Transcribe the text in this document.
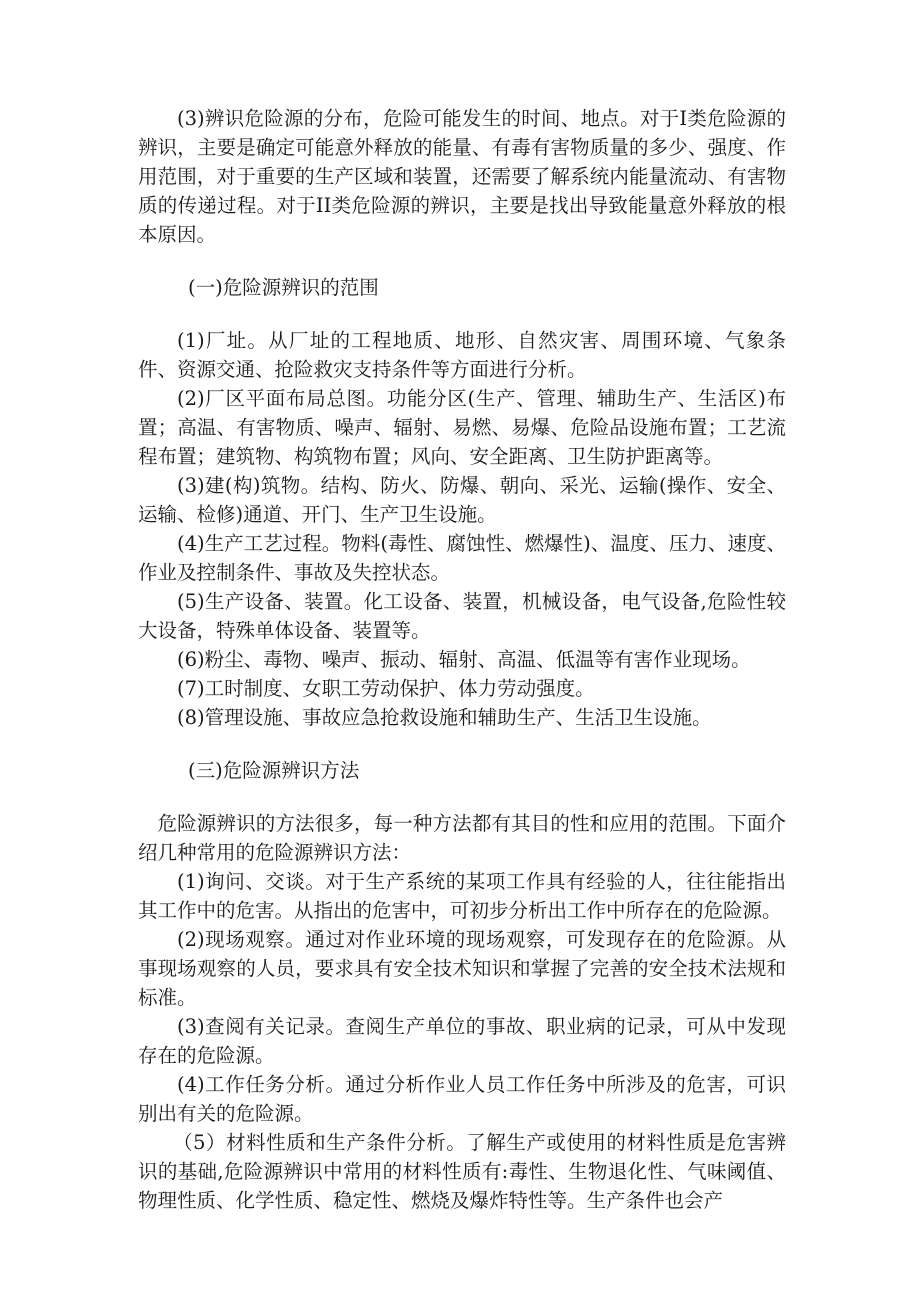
(3)辨识危险源的分布，危险可能发生的时间、地点。对于Ⅰ类危险源的辨识，主要是确定可能意外释放的能量、有毒有害物质量的多少、强度、作用范围，对于重要的生产区域和装置，还需要了解系统内能量流动、有害物质的传递过程。对于II类危险源的辨识，主要是找出导致能量意外释放的根本原因。

(一)危险源辨识的范围

(1)厂址。从厂址的工程地质、地形、自然灾害、周围环境、气象条件、资源交通、抢险救灾支持条件等方面进行分析。

(2)厂区平面布局总图。功能分区(生产、管理、辅助生产、生活区)布置；高温、有害物质、噪声、辐射、易燃、易爆、危险品设施布置；工艺流程布置；建筑物、构筑物布置；风向、安全距离、卫生防护距离等。

(3)建(构)筑物。结构、防火、防爆、朝向、采光、运输(操作、安全、运输、检修)通道、开门、生产卫生设施。

(4)生产工艺过程。物料(毒性、腐蚀性、燃爆性)、温度、压力、速度、作业及控制条件、事故及失控状态。

(5)生产设备、装置。化工设备、装置，机械设备，电气设备,危险性较大设备，特殊单体设备、装置等。

(6)粉尘、毒物、噪声、振动、辐射、高温、低温等有害作业现场。

(7)工时制度、女职工劳动保护、体力劳动强度。

(8)管理设施、事故应急抢救设施和辅助生产、生活卫生设施。

(三)危险源辨识方法

危险源辨识的方法很多，每一种方法都有其目的性和应用的范围。下面介绍几种常用的危险源辨识方法：

(1)询问、交谈。对于生产系统的某项工作具有经验的人，往往能指出其工作中的危害。从指出的危害中，可初步分析出工作中所存在的危险源。

(2)现场观察。通过对作业环境的现场观察，可发现存在的危险源。从事现场观察的人员，要求具有安全技术知识和掌握了完善的安全技术法规和标准。

(3)查阅有关记录。查阅生产单位的事故、职业病的记录，可从中发现存在的危险源。

(4)工作任务分析。通过分析作业人员工作任务中所涉及的危害，可识别出有关的危险源。

（5）材料性质和生产条件分析。了解生产或使用的材料性质是危害辨识的基础,危险源辨识中常用的材料性质有:毒性、生物退化性、气味阈值、物理性质、化学性质、稳定性、燃烧及爆炸特性等。生产条件也会产
